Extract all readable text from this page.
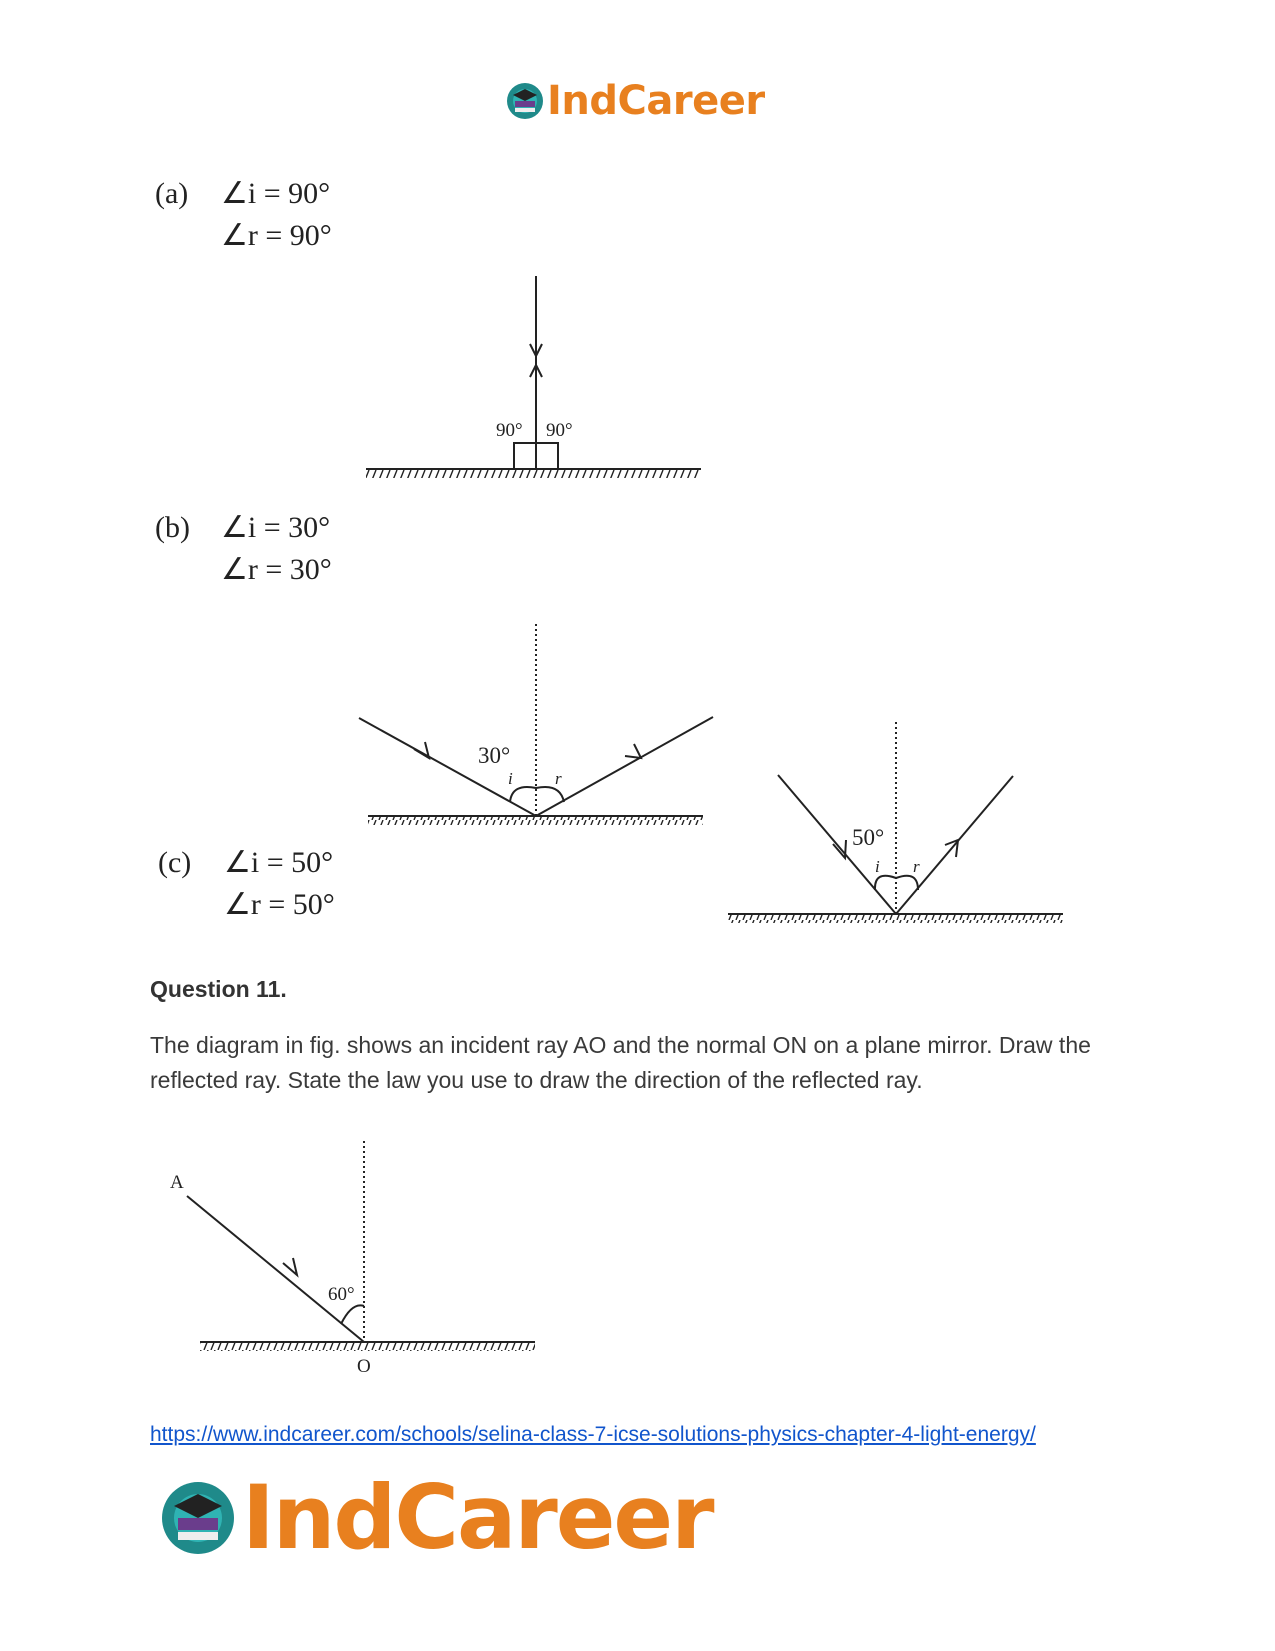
IndCareer
(a) ∠i = 90°
∠r = 90°
(b) ∠i = 30°
∠r = 30°
(c) ∠i = 50°
∠r = 50°
90° 90°
30°
i r
50°
i r
A
O
60°
Question 11.
The diagram in fig. shows an incident ray AO and the normal ON on a plane mirror. Draw the reflected ray. State the law you use to draw the direction of the reflected ray.
https://www.indcareer.com/schools/selina-class-7-icse-solutions-physics-chapter-4-light-energy/
IndCareer
